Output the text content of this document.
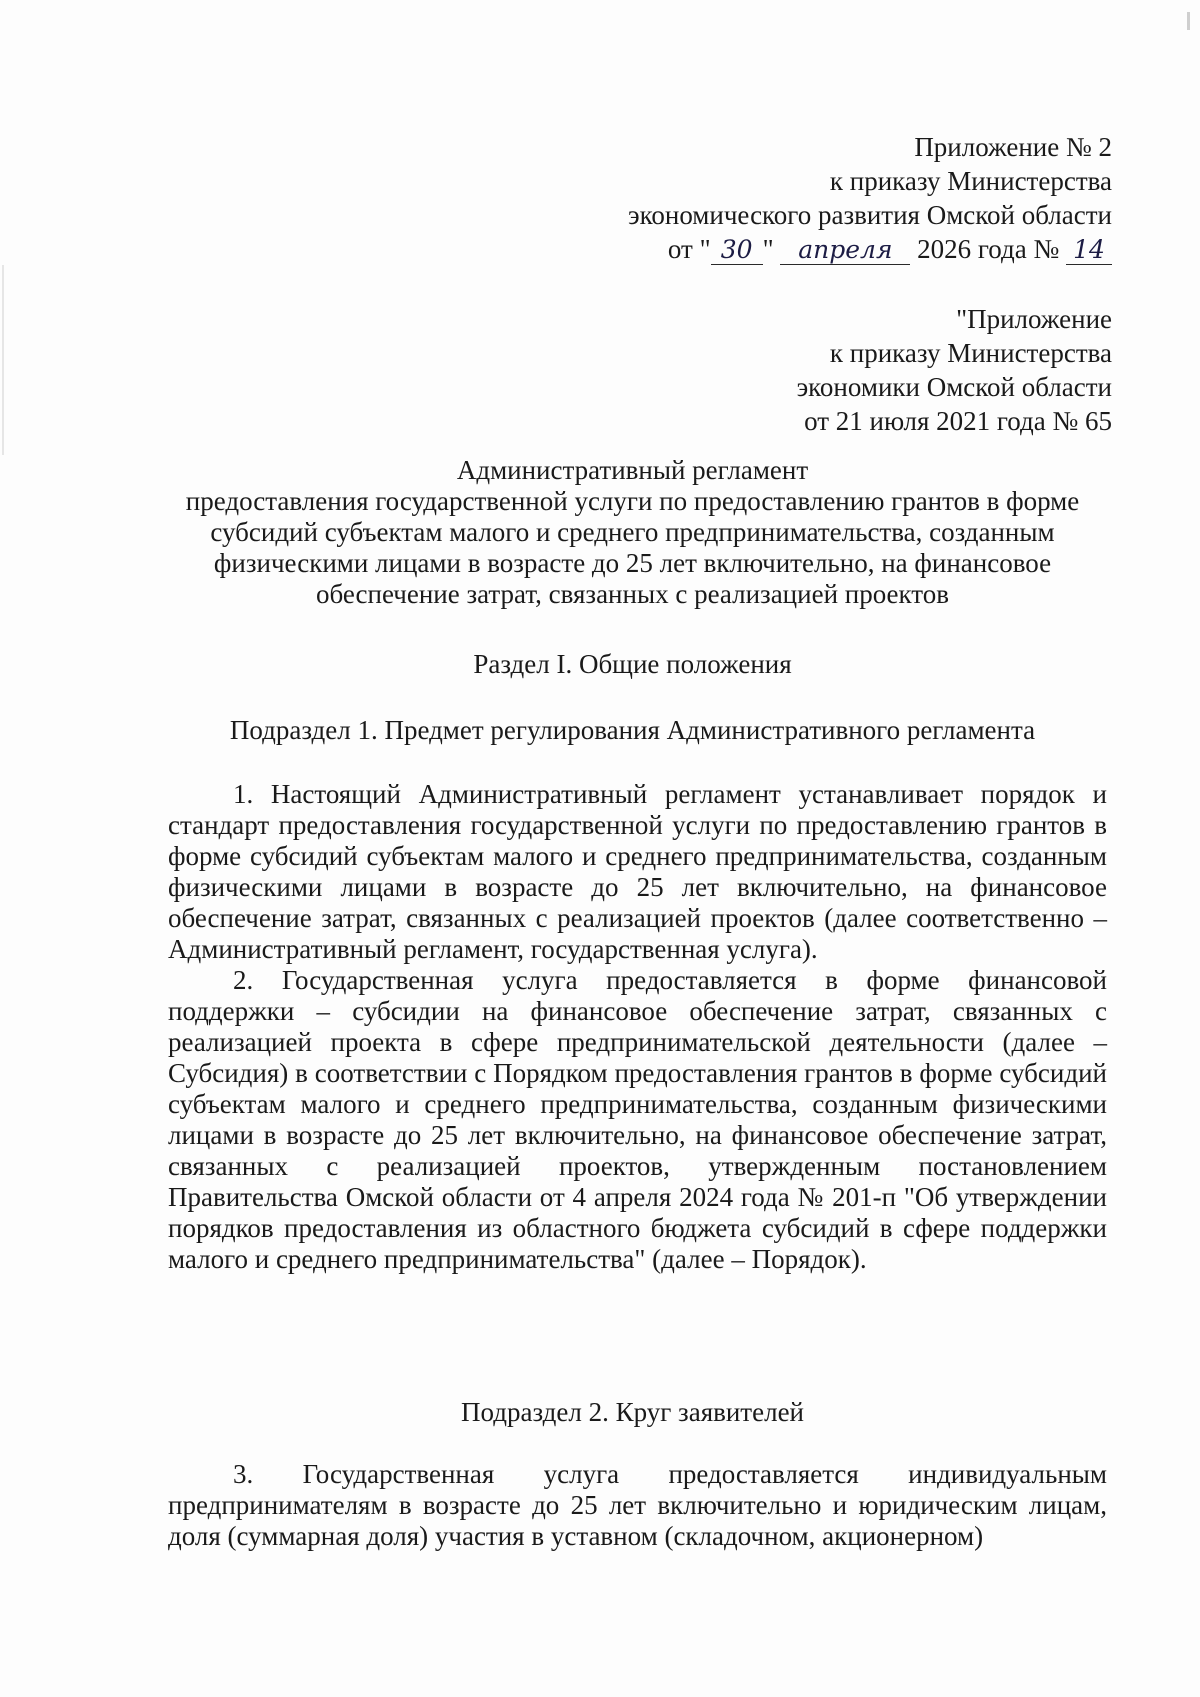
Приложение № 2
к приказу Министерства
экономического развития Омской области
от " 30 " апреля 2026 года № 14
"Приложение
к приказу Министерства
экономики Омской области
от 21 июля 2021 года № 65
Административный регламент
предоставления государственной услуги по предоставлению грантов в форме
субсидий субъектам малого и среднего предпринимательства, созданным
физическими лицами в возрасте до 25 лет включительно, на финансовое
обеспечение затрат, связанных с реализацией проектов
Раздел I. Общие положения
Подраздел 1. Предмет регулирования Административного регламента

1. Настоящий Административный регламент устанавливает порядок и стандарт предоставления государственной услуги по предоставлению грантов в форме субсидий субъектам малого и среднего предпринимательства, созданным физическими лицами в возрасте до 25 лет включительно, на финансовое обеспечение затрат, связанных с реализацией проектов (далее соответственно – Административный регламент, государственная услуга).

2. Государственная услуга предоставляется в форме финансовой поддержки – субсидии на финансовое обеспечение затрат, связанных с реализацией проекта в сфере предпринимательской деятельности (далее – Субсидия) в соответствии с Порядком предоставления грантов в форме субсидий субъектам малого и среднего предпринимательства, созданным физическими лицами в возрасте до 25 лет включительно, на финансовое обеспечение затрат, связанных с реализацией проектов, утвержденным постановлением Правительства Омской области от 4 апреля 2024 года № 201-п "Об утверждении порядков предоставления из областного бюджета субсидий в сфере поддержки малого и среднего предпринимательства" (далее – Порядок).

Подраздел 2. Круг заявителей

3. Государственная услуга предоставляется индивидуальным предпринимателям в возрасте до 25 лет включительно и юридическим лицам, доля (суммарная доля) участия в уставном (складочном, акционерном)
